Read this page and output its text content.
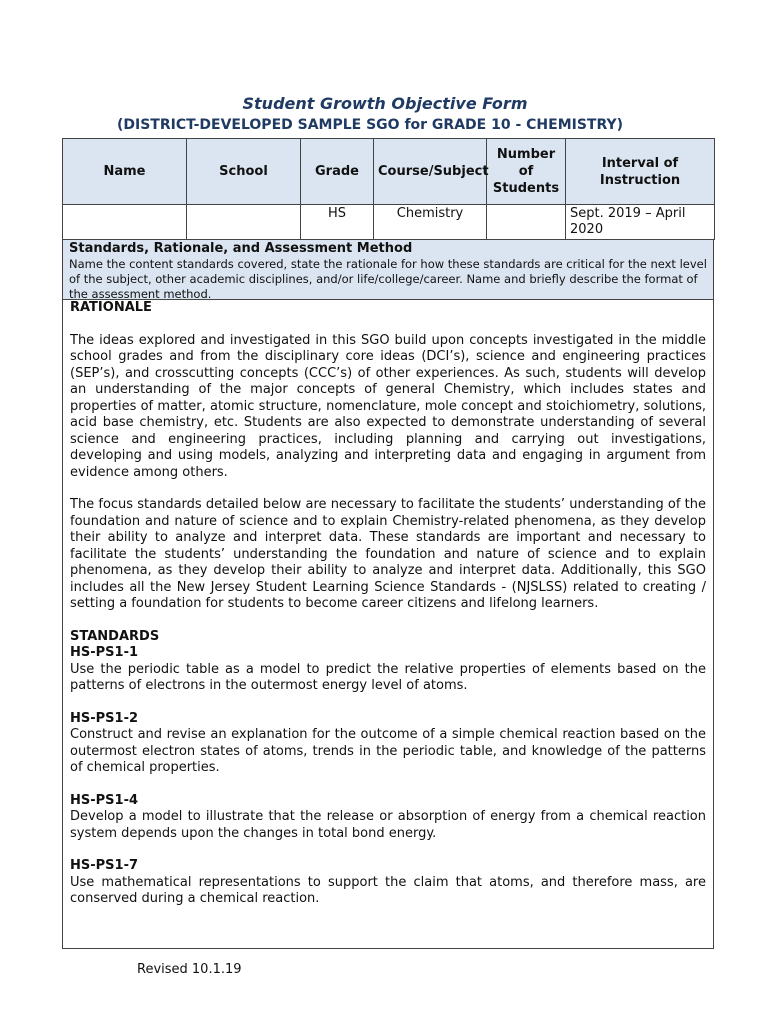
Student Growth Objective Form
(DISTRICT-DEVELOPED SAMPLE SGO for GRADE 10 - CHEMISTRY)
Name	School	Grade	Course/Subject	Number of Students	Interval of Instruction
		HS	Chemistry		Sept. 2019 – April 2020
Standards, Rationale, and Assessment Method
Name the content standards covered, state the rationale for how these standards are critical for the next level of the subject, other academic disciplines, and/or life/college/career. Name and briefly describe the format of the assessment method.
RATIONALE

The ideas explored and investigated in this SGO build upon concepts investigated in the middle school grades and from the disciplinary core ideas (DCI’s), science and engineering practices (SEP’s), and crosscutting concepts (CCC’s) of other experiences. As such, students will develop an understanding of the major concepts of general Chemistry, which includes states and properties of matter, atomic structure, nomenclature, mole concept and stoichiometry, solutions, acid base chemistry, etc. Students are also expected to demonstrate understanding of several science and engineering practices, including planning and carrying out investigations, developing and using models, analyzing and interpreting data and engaging in argument from evidence among others.

The focus standards detailed below are necessary to facilitate the students’ understanding of the foundation and nature of science and to explain Chemistry-related phenomena, as they develop their ability to analyze and interpret data. These standards are important and necessary to facilitate the students’ understanding the foundation and nature of science and to explain phenomena, as they develop their ability to analyze and interpret data. Additionally, this SGO includes all the New Jersey Student Learning Science Standards - (NJSLSS) related to creating / setting a foundation for students to become career citizens and lifelong learners.

STANDARDS
HS-PS1-1

Use the periodic table as a model to predict the relative properties of elements based on the patterns of electrons in the outermost energy level of atoms.

HS-PS1-2

Construct and revise an explanation for the outcome of a simple chemical reaction based on the outermost electron states of atoms, trends in the periodic table, and knowledge of the patterns of chemical properties.

HS-PS1-4

Develop a model to illustrate that the release or absorption of energy from a chemical reaction system depends upon the changes in total bond energy.

HS-PS1-7

Use mathematical representations to support the claim that atoms, and therefore mass, are conserved during a chemical reaction.

Revised 10.1.19
